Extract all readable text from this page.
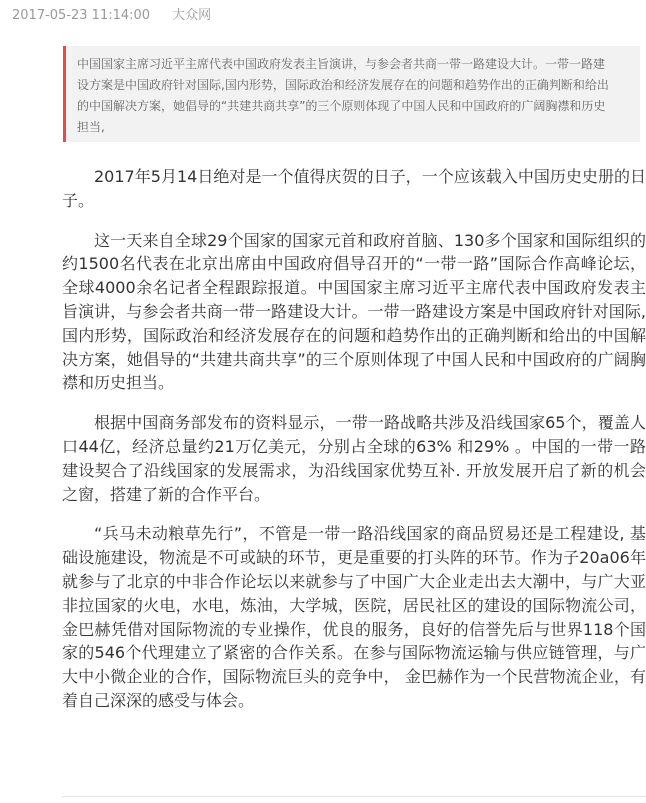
2017-05-23 11:14:00 大众网
中国国家主席习近平主席代表中国政府发表主旨演讲，与参会者共商一带一路建设大计。一带一路建设方案是中国政府针对国际,国内形势，国际政治和经济发展存在的问题和趋势作出的正确判断和给出的中国解决方案，她倡导的“共建共商共享”的三个原则体现了中国人民和中国政府的广阔胸襟和历史担当,

2017年5月14日绝对是一个值得庆贺的日子，一个应该载入中国历史史册的日子。

这一天来自全球29个国家的国家元首和政府首脑、130多个国家和国际组织的约1500名代表在北京出席由中国政府倡导召开的“一带一路”国际合作高峰论坛，全球4000余名记者全程跟踪报道。中国国家主席习近平主席代表中国政府发表主旨演讲，与参会者共商一带一路建设大计。一带一路建设方案是中国政府针对国际,国内形势，国际政治和经济发展存在的问题和趋势作出的正确判断和给出的中国解决方案，她倡导的“共建共商共享”的三个原则体现了中国人民和中国政府的广阔胸襟和历史担当。

根据中国商务部发布的资料显示，一带一路战略共涉及沿线国家65个，覆盖人口44亿，经济总量约21万亿美元，分别占全球的63% 和29% 。中国的一带一路建设契合了沿线国家的发展需求，为沿线国家优势互补. 开放发展开启了新的机会之窗，搭建了新的合作平台。

“兵马未动粮草先行”，不管是一带一路沿线国家的商品贸易还是工程建设, 基础设施建设，物流是不可或缺的环节，更是重要的打头阵的环节。作为子20a06年就参与了北京的中非合作论坛以来就参与了中国广大企业走出去大潮中，与广大亚非拉国家的火电，水电，炼油，大学城，医院，居民社区的建设的国际物流公司，金巴赫凭借对国际物流的专业操作，优良的服务，良好的信誉先后与世界118个国家的546个代理建立了紧密的合作关系。在参与国际物流运输与供应链管理，与广大中小微企业的合作，国际物流巨头的竞争中， 金巴赫作为一个民营物流企业，有着自己深深的感受与体会。
